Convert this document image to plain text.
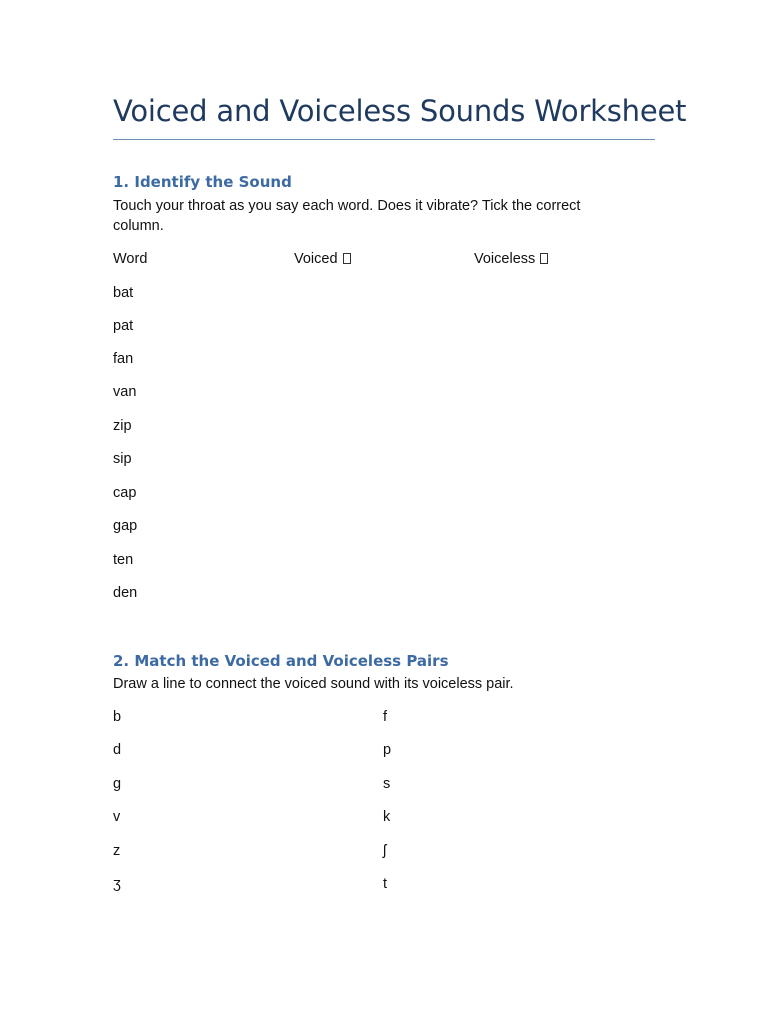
Voiced and Voiceless Sounds Worksheet
1. Identify the Sound
Touch your throat as you say each word. Does it vibrate? Tick the correct column.
Word	Voiced	Voiceless
bat
pat
fan
van
zip
sip
cap
gap
ten
den
2. Match the Voiced and Voiceless Pairs
Draw a line to connect the voiced sound with its voiceless pair.
b	f
d	p
g	s
v	k
z	ʃ
ʒ	t
